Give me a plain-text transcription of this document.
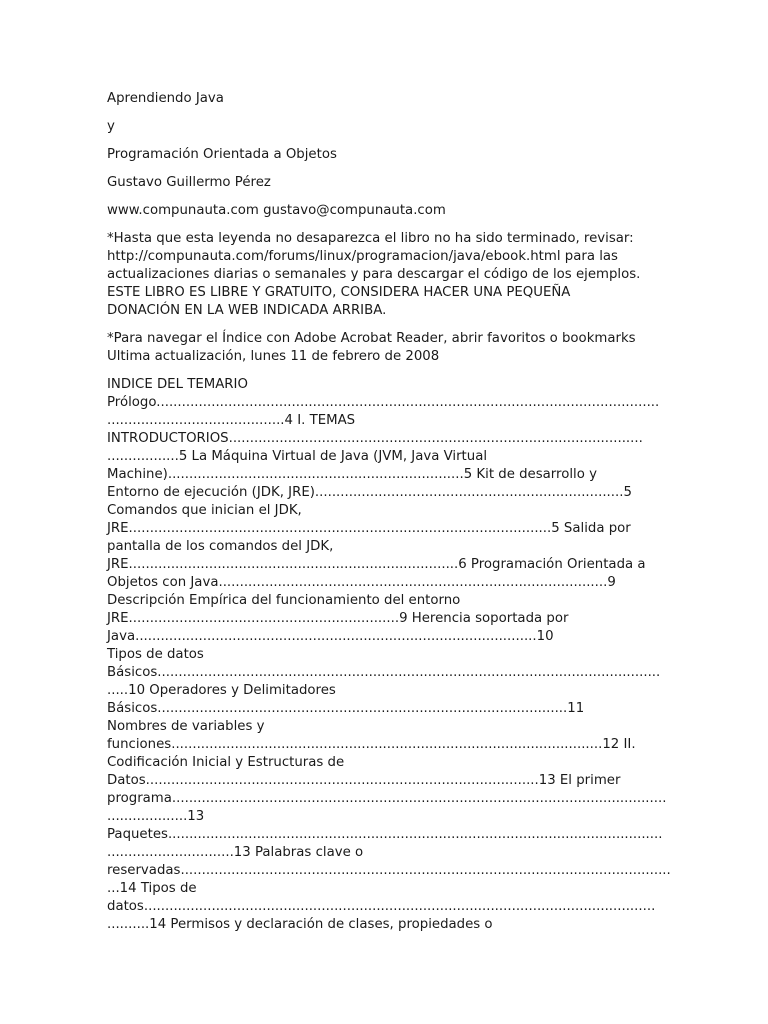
Aprendiendo Java
y
Programación Orientada a Objetos
Gustavo Guillermo Pérez
www.compunauta.com gustavo@compunauta.com
*Hasta que esta leyenda no desaparezca el libro no ha sido terminado, revisar:
http://compunauta.com/forums/linux/programacion/java/ebook.html para las
actualizaciones diarias o semanales y para descargar el código de los ejemplos.
ESTE LIBRO ES LIBRE Y GRATUITO, CONSIDERA HACER UNA PEQUEÑA
DONACIÓN EN LA WEB INDICADA ARRIBA.
*Para navegar el Índice con Adobe Acrobat Reader, abrir favoritos o bookmarks
Ultima actualización, lunes 11 de febrero de 2008
INDICE DEL TEMARIO
Prólogo.......................................................................................................................
..........................................4 I. TEMAS
INTRODUCTORIOS..................................................................................................
.................5 La Máquina Virtual de Java (JVM, Java Virtual
Machine)......................................................................5 Kit de desarrollo y
Entorno de ejecución (JDK, JRE).........................................................................5
Comandos que inician el JDK,
JRE....................................................................................................5 Salida por
pantalla de los comandos del JDK,
JRE..............................................................................6 Programación Orientada a
Objetos con Java............................................................................................9
Descripción Empírica del funcionamiento del entorno
JRE................................................................9 Herencia soportada por
Java...............................................................................................10
Tipos de datos
Básicos.......................................................................................................................
.....10 Operadores y Delimitadores
Básicos.................................................................................................11
Nombres de variables y
funciones......................................................................................................12 II.
Codificación Inicial y Estructuras de
Datos.............................................................................................13 El primer
programa.....................................................................................................................
...................13
Paquetes.....................................................................................................................
..............................13 Palabras clave o
reservadas....................................................................................................................
...14 Tipos de
datos.........................................................................................................................
..........14 Permisos y declaración de clases, propiedades o
